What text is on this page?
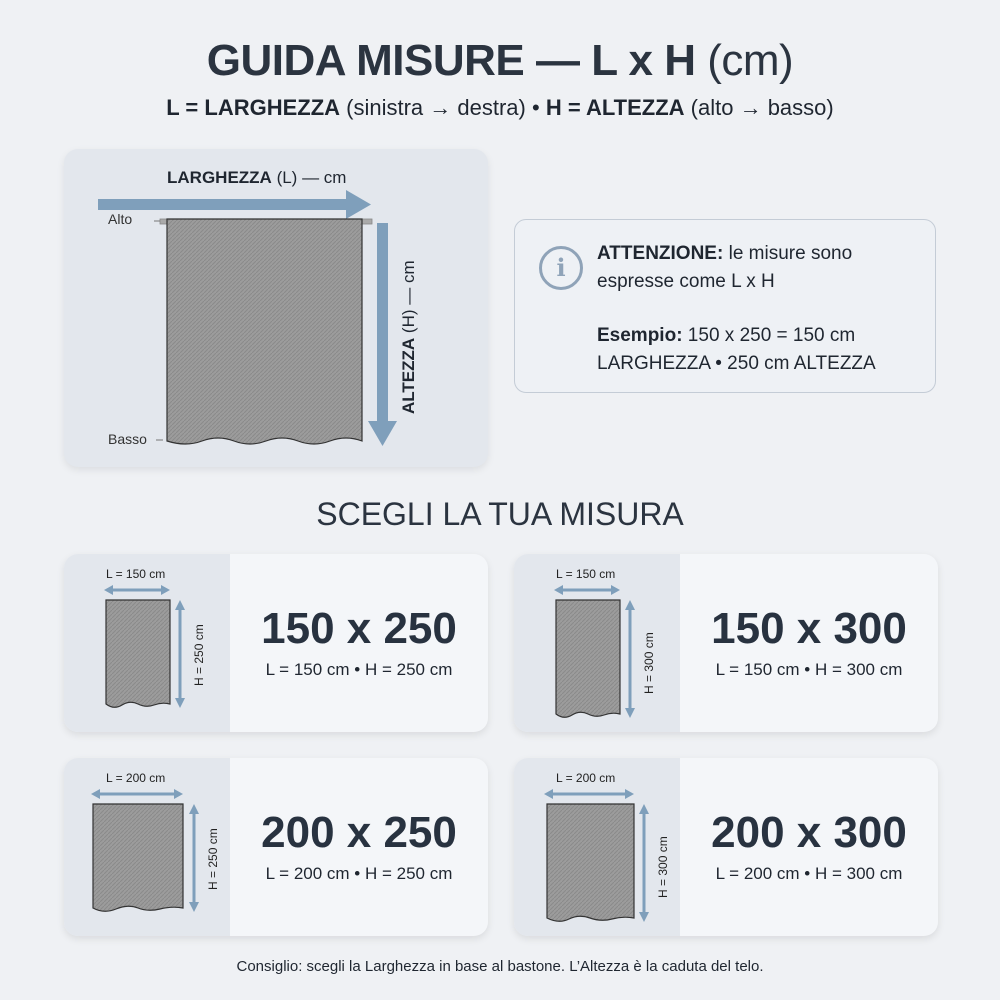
GUIDA MISURE — L x H (cm)
L = LARGHEZZA (sinistra → destra) • H = ALTEZZA (alto → basso)
LARGHEZZA (L) — cm
ALTEZZA (H) — cm
Alto
Basso
i	ATTENZIONE: le misure sono espresse come L x H
Esempio: 150 x 250 = 150 cm LARGHEZZA • 250 cm ALTEZZA
SCEGLI LA TUA MISURA
L = 150 cm
H = 250 cm	150 x 250
L = 150 cm • H = 250 cm
L = 150 cm
H = 300 cm
150 x 300
L = 150 cm • H = 300 cm
L = 200 cm
H = 250 cm 200 x 250
L = 200 cm • H = 250 cm
L = 200 cm
H = 300 cm
200 x 300
L = 200 cm • H = 300 cm
Consiglio: scegli la Larghezza in base al bastone. L’Altezza è la caduta del telo.
